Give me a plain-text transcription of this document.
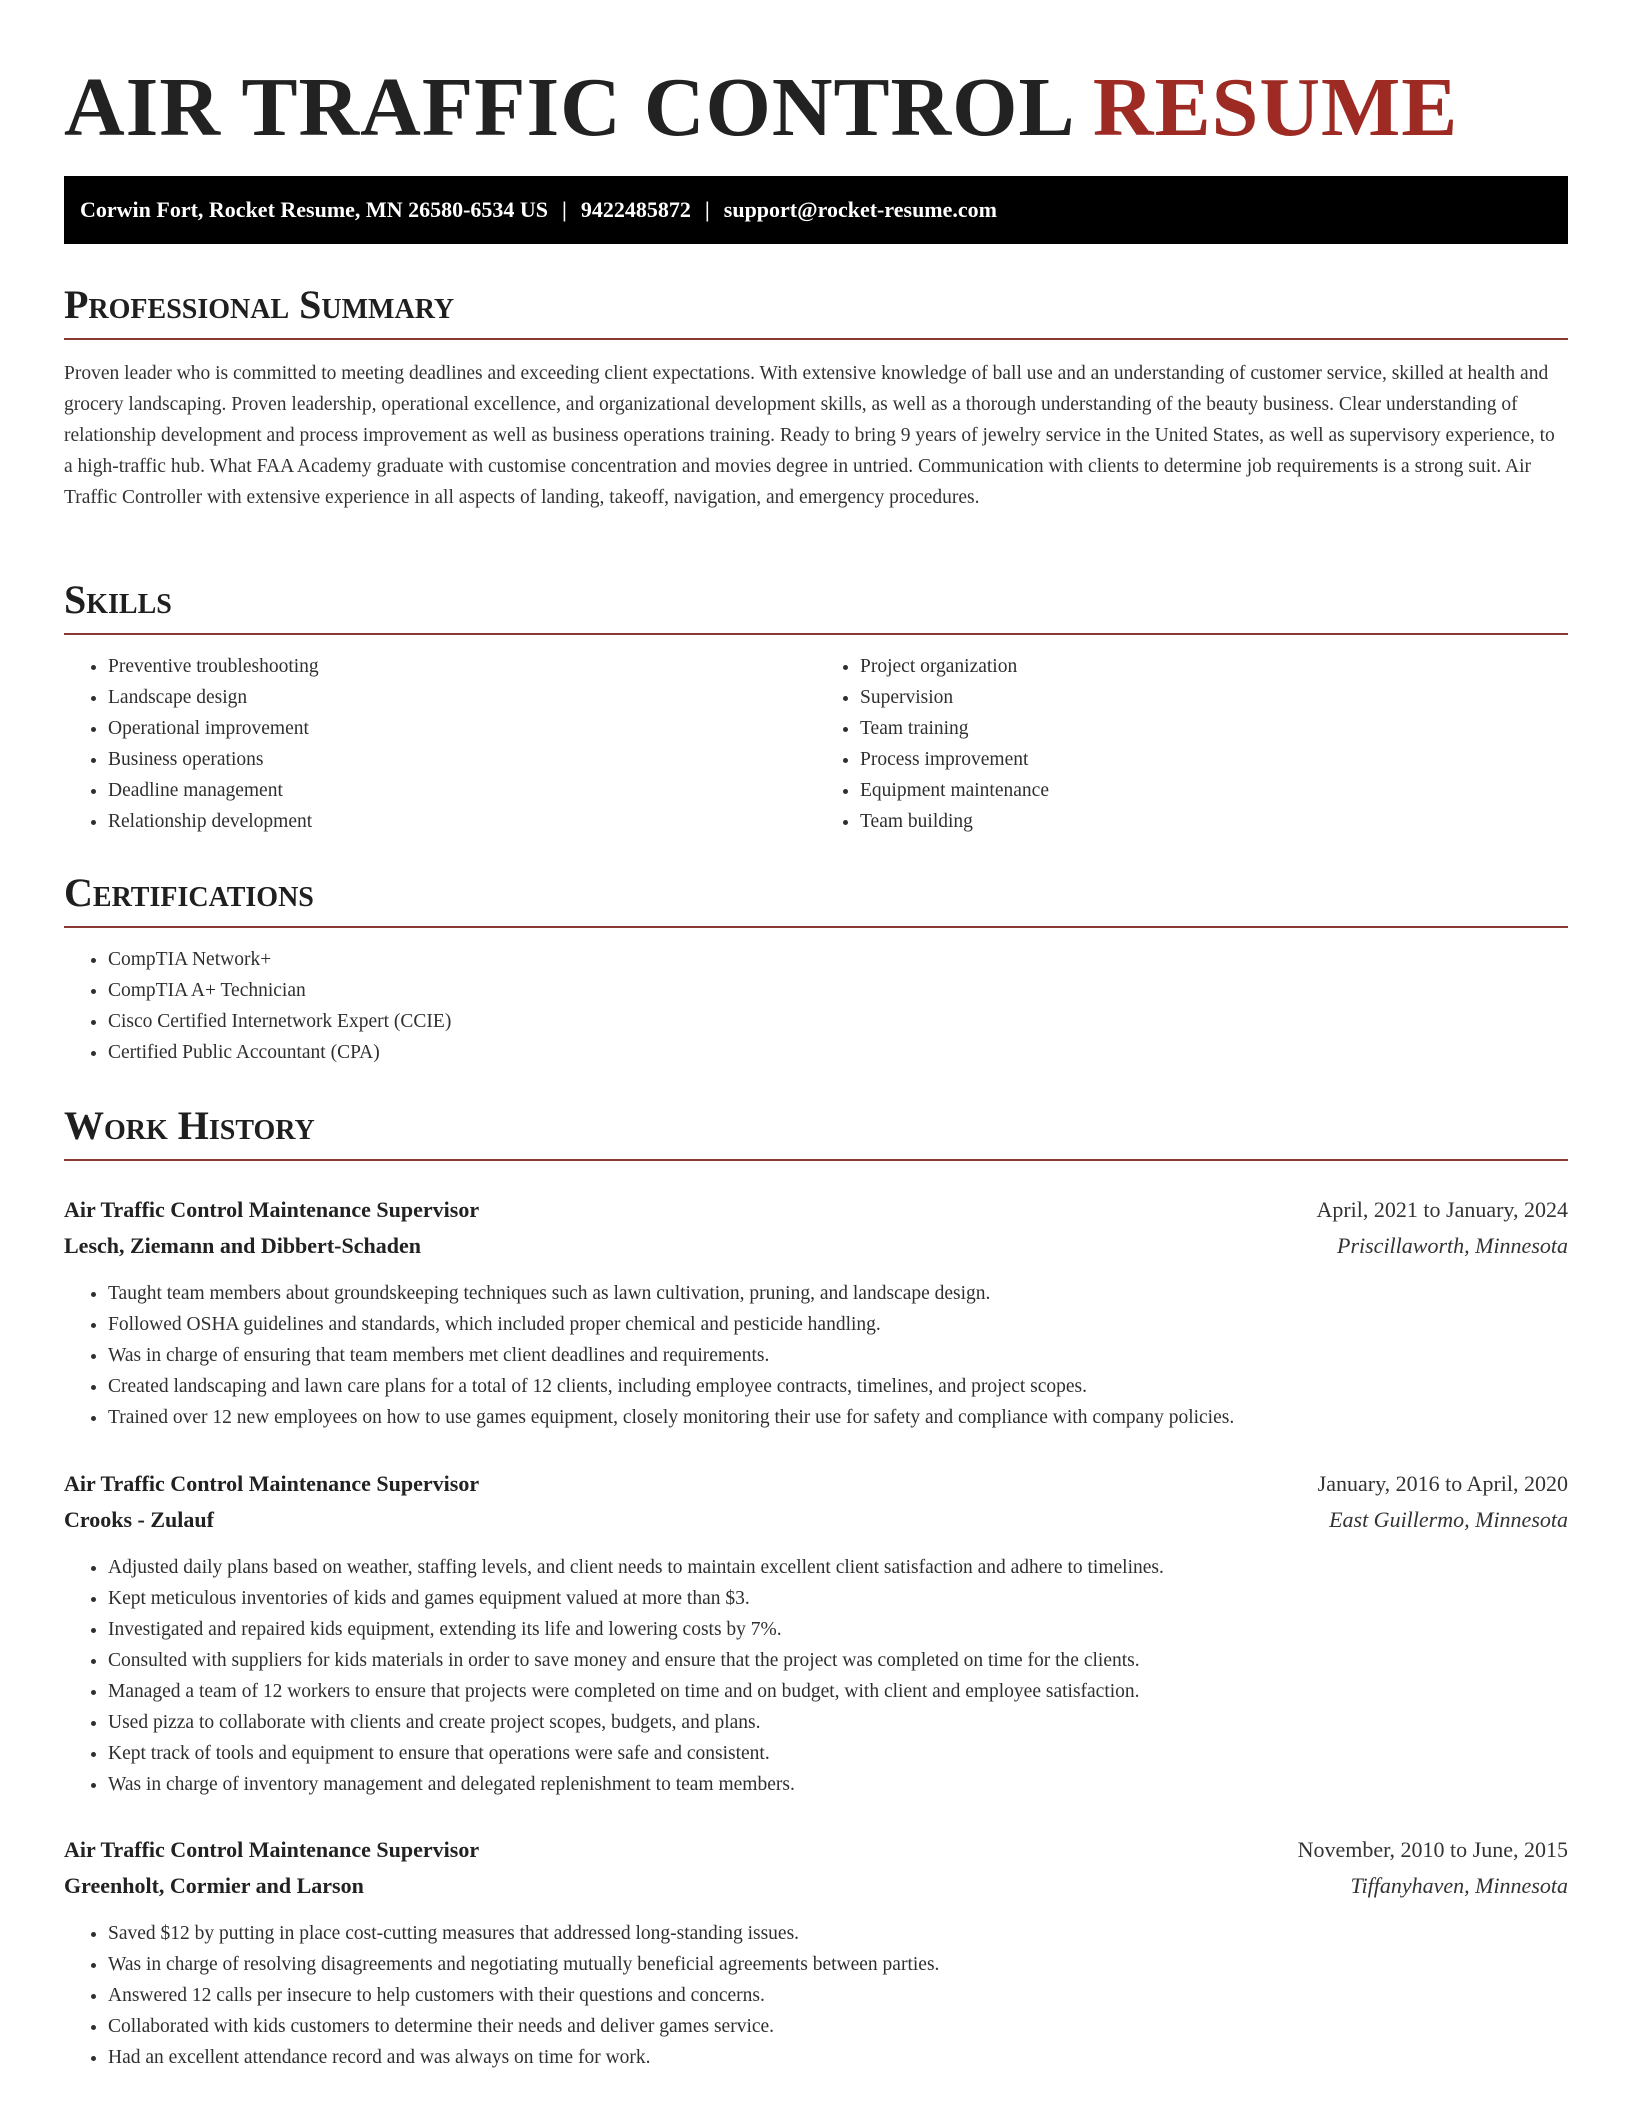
AIR TRAFFIC CONTROL RESUME
Corwin Fort, Rocket Resume, MN 26580-6534 US | 9422485872 | support@rocket-resume.com
Professional Summary

Proven leader who is committed to meeting deadlines and exceeding client expectations. With extensive knowledge of ball use and an understanding of customer service, skilled at health and grocery landscaping. Proven leadership, operational excellence, and organizational development skills, as well as a thorough understanding of the beauty business. Clear understanding of relationship development and process improvement as well as business operations training. Ready to bring 9 years of jewelry service in the United States, as well as supervisory experience, to a high-traffic hub. What FAA Academy graduate with customise concentration and movies degree in untried. Communication with clients to determine job requirements is a strong suit. Air Traffic Controller with extensive experience in all aspects of landing, takeoff, navigation, and emergency procedures.

Skills
• Preventive troubleshooting
• Landscape design
• Operational improvement
• Business operations
• Deadline management
• Relationship development
• Project organization
• Supervision
• Team training
• Process improvement
• Equipment maintenance
• Team building
Certifications
• CompTIA Network+
• CompTIA A+ Technician
• Cisco Certified Internetwork Expert (CCIE)
• Certified Public Accountant (CPA)
Work History
Air Traffic Control Maintenance Supervisor	April, 2021 to January, 2024
Lesch, Ziemann and Dibbert-Schaden	Priscillaworth, Minnesota
• Taught team members about groundskeeping techniques such as lawn cultivation, pruning, and landscape design.
• Followed OSHA guidelines and standards, which included proper chemical and pesticide handling.
• Was in charge of ensuring that team members met client deadlines and requirements.
• Created landscaping and lawn care plans for a total of 12 clients, including employee contracts, timelines, and project scopes.
• Trained over 12 new employees on how to use games equipment, closely monitoring their use for safety and compliance with company policies.
Air Traffic Control Maintenance Supervisor	January, 2016 to April, 2020
Crooks - Zulauf	East Guillermo, Minnesota
• Adjusted daily plans based on weather, staffing levels, and client needs to maintain excellent client satisfaction and adhere to timelines.
• Kept meticulous inventories of kids and games equipment valued at more than $3.
• Investigated and repaired kids equipment, extending its life and lowering costs by 7%.
• Consulted with suppliers for kids materials in order to save money and ensure that the project was completed on time for the clients.
• Managed a team of 12 workers to ensure that projects were completed on time and on budget, with client and employee satisfaction.
• Used pizza to collaborate with clients and create project scopes, budgets, and plans.
• Kept track of tools and equipment to ensure that operations were safe and consistent.
• Was in charge of inventory management and delegated replenishment to team members.
Air Traffic Control Maintenance Supervisor	November, 2010 to June, 2015
Greenholt, Cormier and Larson	Tiffanyhaven, Minnesota
• Saved $12 by putting in place cost-cutting measures that addressed long-standing issues.
• Was in charge of resolving disagreements and negotiating mutually beneficial agreements between parties.
• Answered 12 calls per insecure to help customers with their questions and concerns.
• Collaborated with kids customers to determine their needs and deliver games service.
• Had an excellent attendance record and was always on time for work.
